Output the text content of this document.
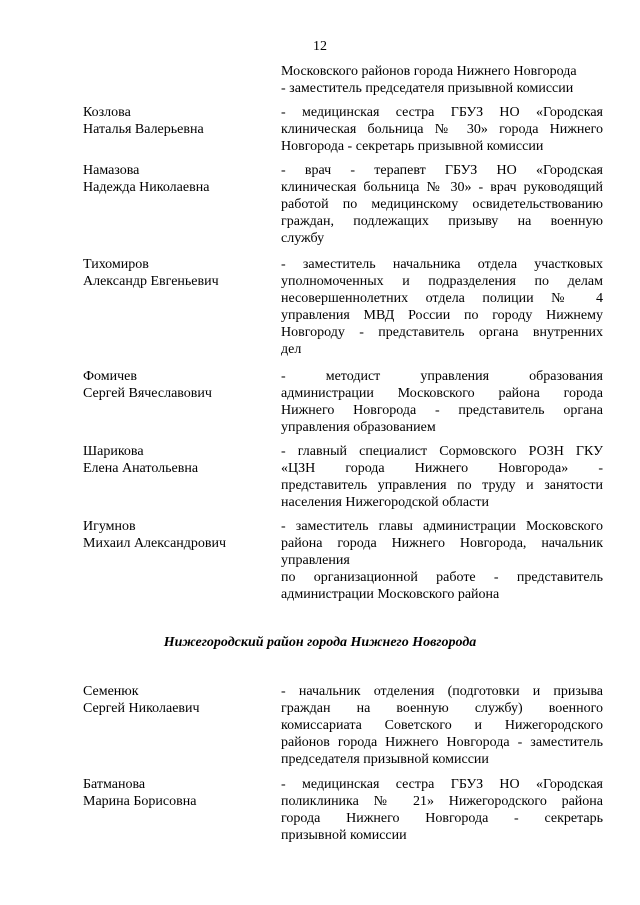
12
Московского районов города Нижнего Новгорода
- заместитель председателя призывной комиссии
Козлова
Наталья Валерьевна
- медицинская сестра ГБУЗ НО «Городская
клиническая больница № 30» города Нижнего
Новгорода - секретарь призывной комиссии
Намазова
Надежда Николаевна
- врач - терапевт ГБУЗ НО «Городская
клиническая больница № 30» - врач руководящий
работой по медицинскому освидетельствованию
граждан, подлежащих призыву на военную
службу
Тихомиров
Александр Евгеньевич
- заместитель начальника отдела участковых
уполномоченных и подразделения по делам
несовершеннолетних отдела полиции № 4
управления МВД России по городу Нижнему
Новгороду - представитель органа внутренних
дел
Фомичев
Сергей Вячеславович
- методист управления образования
администрации Московского района города
Нижнего Новгорода - представитель органа
управления образованием
Шарикова
Елена Анатольевна
- главный специалист Сормовского РОЗН ГКУ
«ЦЗН города Нижнего Новгорода» -
представитель управления по труду и занятости
населения Нижегородской области
Игумнов
Михаил Александрович
- заместитель главы администрации Московского
района города Нижнего Новгорода, начальник
управления
по организационной работе - представитель
администрации Московского района
Нижегородский район города Нижнего Новгорода
Семенюк
Сергей Николаевич
- начальник отделения (подготовки и призыва
граждан на военную службу) военного
комиссариата Советского и Нижегородского
районов города Нижнего Новгорода - заместитель
председателя призывной комиссии
Батманова
Марина Борисовна
- медицинская сестра ГБУЗ НО «Городская
поликлиника № 21» Нижегородского района
города Нижнего Новгорода - секретарь
призывной комиссии
